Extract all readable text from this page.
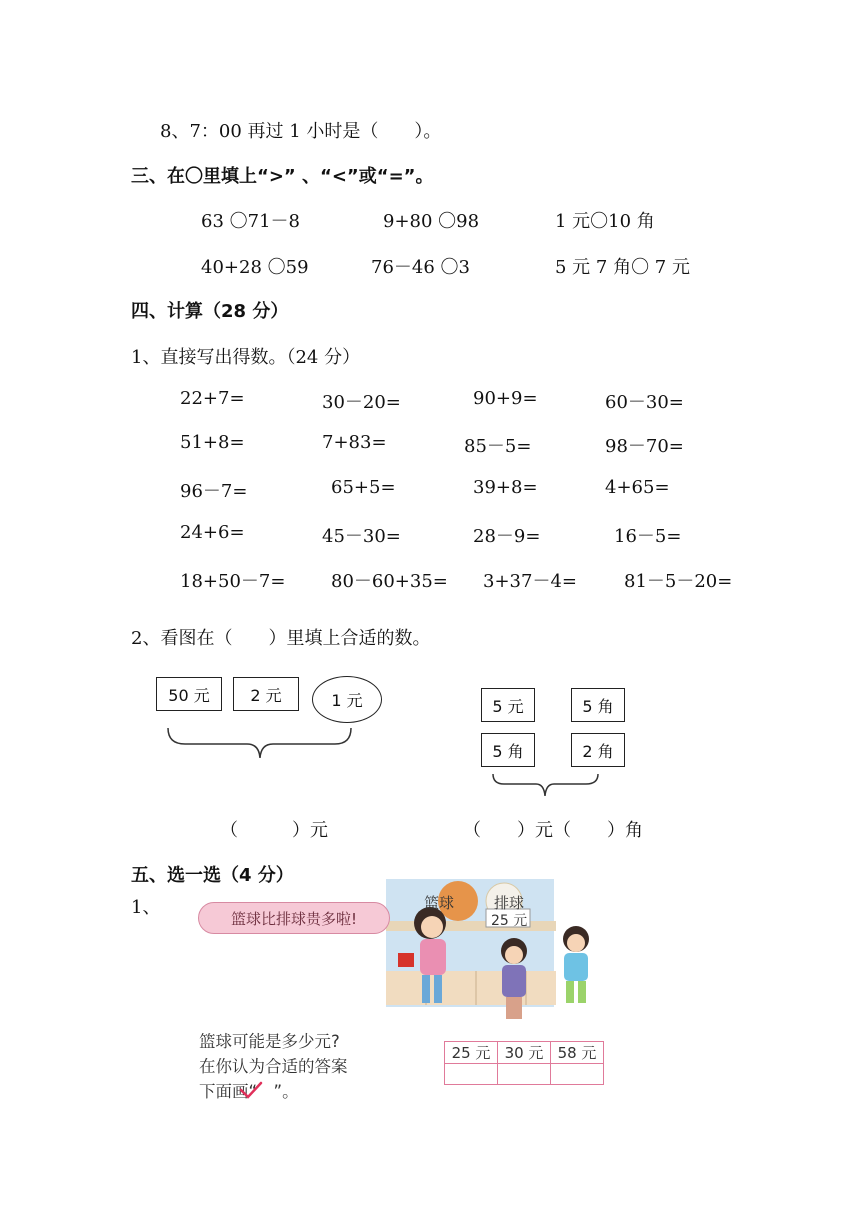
8、7：00 再过 1 小时是（　　）。
三、在〇里填上“>” 、“<”或“=”。
63 〇71－8	9+80 〇98	1 元〇10 角
40+28 〇59	76－46 〇3	5 元 7 角〇 7 元
四、计算（28 分）
1、直接写出得数。（24 分）
22+7=	30－20=	90+9=	60－30=
51+8=	7+83=	85－5=	98－70=
96－7=	65+5=	39+8=	4+65=
24+6=	45－30=	28－9=	16－5=
18+50－7=	80－60+35= 3+37－4=	81－5－20=
2、看图在（　　）里填上合适的数。
50 元	2 元	1 元
（　　　）元
5 元	5 角
5 角	2 角
（　　）元（　　）角
五、选一选（4 分）
1、	篮球	排球
25 元
篮球比排球贵多啦!
篮球可能是多少元?
在你认为合适的答案
下面画“　”。
25 元	30 元	58 元
